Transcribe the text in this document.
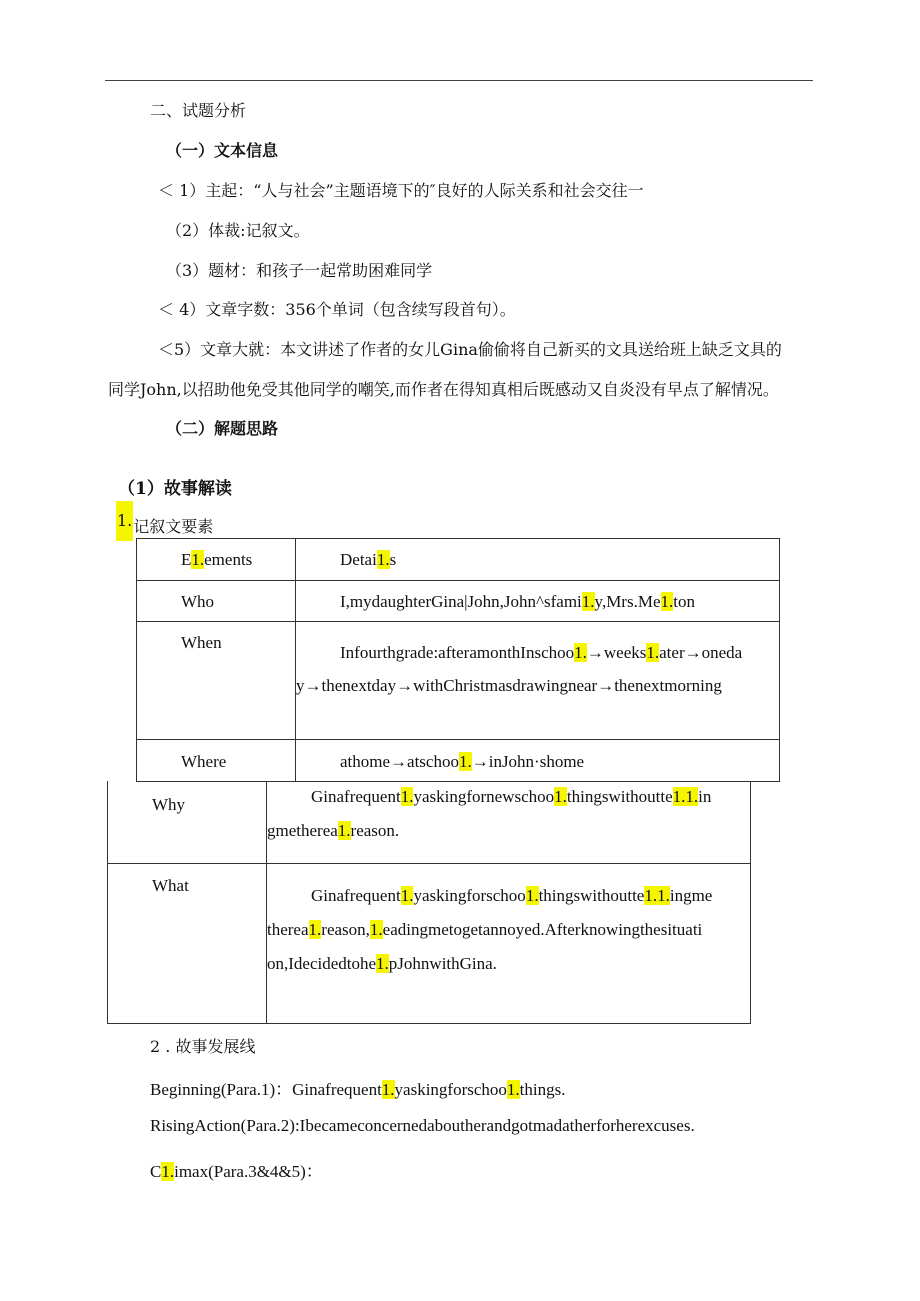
二、试题分析
（一）文本信息
＜ 1）主起：“人与社会”主题语境下的″良好的人际关系和社会交往一
（2）体裁:记叙文。
（3）题材：和孩子一起常助困难同学
＜ 4）文章字数：356个单词（包含续写段首句）。
＜5）文章大就：本文讲述了作者的女儿Gina偷偷将自己新买的文具送给班上缺乏文具的
同学John,以招助他免受其他同学的嘲笑,而作者在得知真相后既感动又自炎没有早点了解情况。
（二）解题思路
（1）故事解读
1.记叙文要素
E1.ements	Detai1.s

Who	I,mydaughterGina|John,John^sfami1.y,Mrs.Me1.ton

When	Infourthgrade:afteramonthInschoo1.→weeks1.ater→oneda
y→thenextday→withChristmasdrawingnear→thenextmorning

Where	athome→atschoo1.→inJohn·shome
Why	Ginafrequent1.yaskingfornewschoo1.thingswithoutte1.1.in
gmetherea1.reason.

What	Ginafrequent1.yaskingforschoo1.thingswithoutte1.1.ingme
therea1.reason,1.eadingmetogetannoyed.Afterknowingthesituati
on,Idecidedtohe1.pJohnwithGina.
2 . 故事发展线
Beginning(Para.1)：Ginafrequent1.yaskingforschoo1.things.
RisingAction(Para.2):Ibecameconcernedaboutherandgotmadatherforherexcuses.
C1.imax(Para.3&4&5)：
